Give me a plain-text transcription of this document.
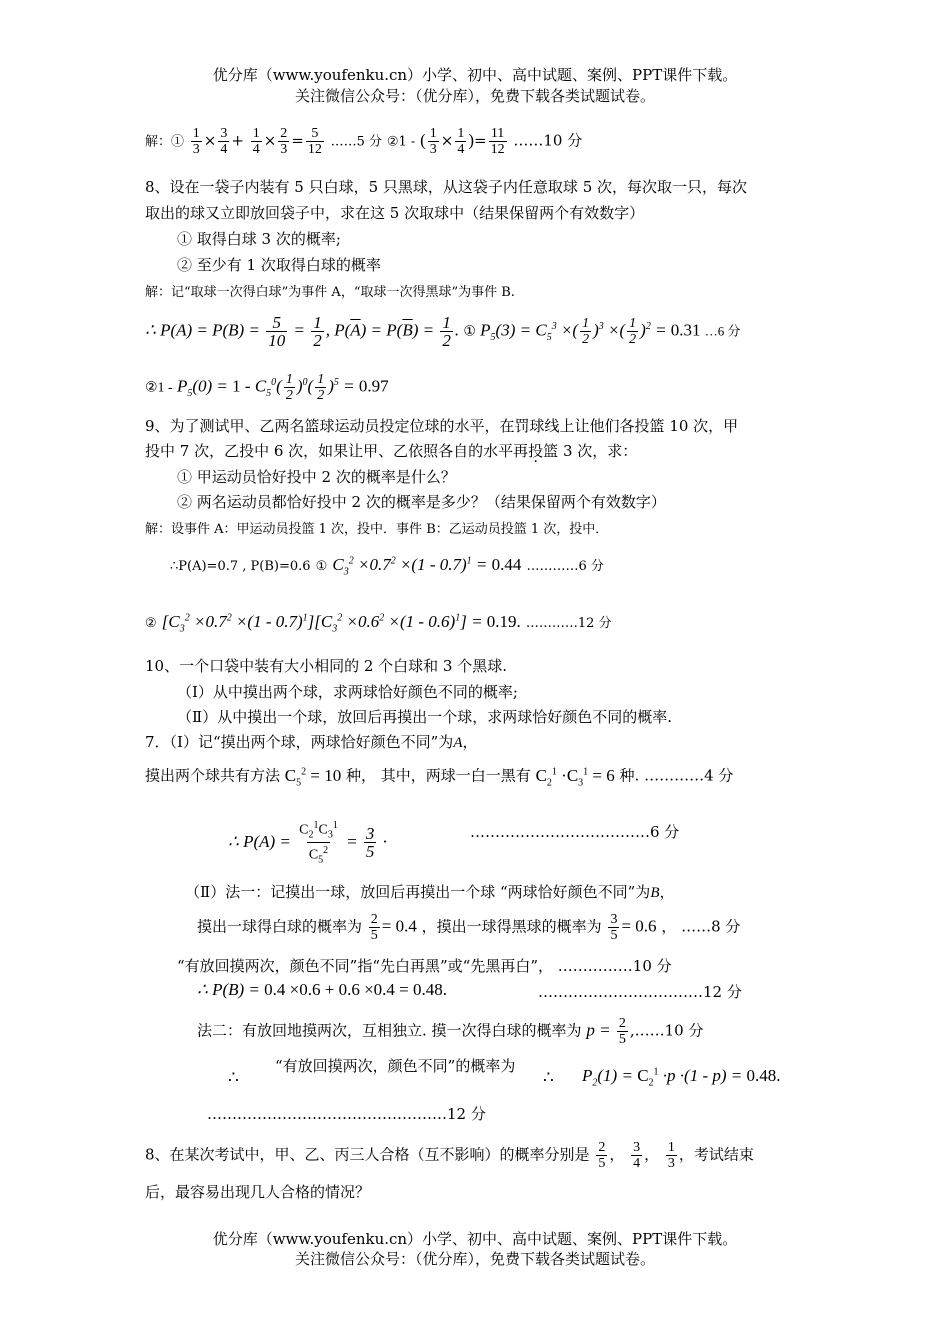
优分库（www.youfenku.cn）小学、初中、高中试题、案例、PPT课件下载。
关注微信公众号：（优分库），免费下载各类试题试卷。
解：① $\frac{1}{3} \times \frac{3}{4} + \frac{1}{4} \times \frac{2}{3} = \frac{5}{12}$ ……5 分 ②1 - ( $\frac{1}{3} \times \frac{1}{4}$ )= $\frac{11}{12}$ ……10 分
8、设在一袋子内装有 5 只白球，5 只黑球，从这袋子内任意取球 5 次，每次取一只，每次
取出的球又立即放回袋子中，求在这 5 次取球中（结果保留两个有效数字）
① 取得白球 3 次的概率;
② 至少有 1 次取得白球的概率
解：记“取球一次得白球”为事件 A，“取球一次得黑球”为事件 B.
∴ $P(A) = P(B) = \frac{5}{10} = \frac{1}{2}$ , $P(\overline{A}) = P(\overline{B}) = \frac{1}{2}$ . ① $P_5(3) = C_5^3$ ×( $\frac{1}{2} )^3$ ×( $\frac{1}{2} )^2 = 0.31$ …6 分
②1 - $P_5(0) = 1 - C_5^0( \frac{1}{2} )^0( \frac{1}{2} )^5 = 0.97$
9、为了测试甲、乙两名篮球运动员投定位球的水平，在罚球线上让他们各投篮 10 次，甲
投中 7 次，乙投中 6 次，如果让甲、乙依照各自的水平再投篮 3 次，求：
① 甲运动员恰好投中 2 次的概率是什么？
② 两名运动员都恰好投中 2 次的概率是多少？（结果保留两个有效数字）
解：设事件 A：甲运动员投篮 1 次，投中．事件 B：乙运动员投篮 1 次，投中．
∴P(A)=0.7 , P(B)=0.6 ① $C_3^2 \times 0.7^2 \times(1 - 0.7)^1 = 0.44$ …………6 分
② $[C_3^2 \times 0.7^2 \times(1 - 0.7)^1][C_3^2 \times 0.6^2 \times(1 - 0.6)^1] = 0.19$. …………12 分
10、一个口袋中装有大小相同的 2 个白球和 3 个黑球.
（Ⅰ）从中摸出两个球，求两球恰好颜色不同的概率;
（Ⅱ）从中摸出一个球，放回后再摸出一个球，求两球恰好颜色不同的概率.
7．（Ⅰ）记“摸出两个球，两球恰好颜色不同”为A，
摸出两个球共有方法 $C_5^2 = 10$ 种， 其中，两球一白一黑有 $C_2^1 \cdot C_3^1 = 6$ 种. …………4 分
∴ $P(A) = \frac{C_2^1C_3^1}{C_5^2} = \frac{3}{5}$ ·	………………………………6 分
（Ⅱ）法一：记摸出一球，放回后再摸出一个球 “两球恰好颜色不同”为B，
摸出一球得白球的概率为 $\frac{2}{5} = 0.4$ ，摸出一球得黑球的概率为 $\frac{3}{5} = 0.6$ ， ……8 分
“有放回摸两次，颜色不同”指“先白再黑”或“先黑再白”， ……………10 分
∴ P(B) = 0.4 ×0.6 + 0.6 ×0.4 = 0.48.	……………………………12 分
法二：有放回地摸两次，互相独立. 摸一次得白球的概率为 $p = \frac{2}{5}$ ,……10 分
∴
“有放回摸两次，颜色不同”的概率为
∴ $P_2(1) = C_2^1 \cdot p \cdot(1 - p) = 0.48$.
…………………………………………12 分
8、在某次考试中，甲、乙、丙三人合格（互不影响）的概率分别是 $\frac{2}{5}$ ， $\frac{3}{4}$ ， $\frac{1}{3}$ ，考试结束
后，最容易出现几人合格的情况？
优分库（www.youfenku.cn）小学、初中、高中试题、案例、PPT课件下载。
关注微信公众号：（优分库），免费下载各类试题试卷。
